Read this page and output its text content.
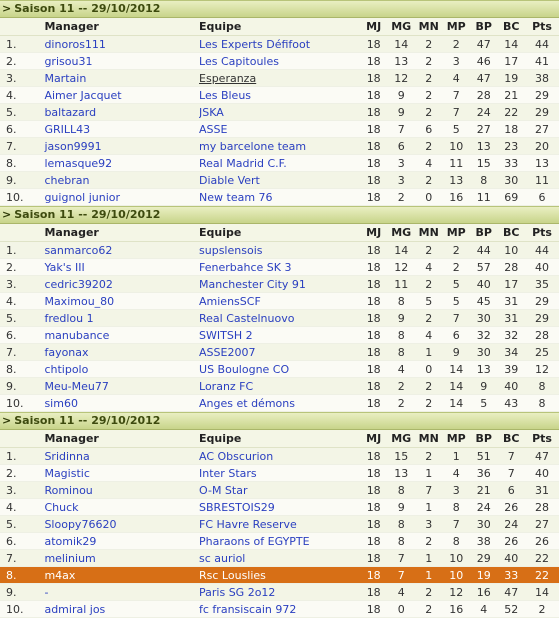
> Saison 11 -- 29/10/2012
	Manager	Equipe	MJ	MG	MN	MP	BP	BC	Pts
1.	dinoros111	Les Experts Défifoot	18	14	2	2	47	14	44
2.	grisou31	Les Capitoules	18	13	2	3	46	17	41
3.	Martain	Esperanza	18	12	2	4	47	19	38
4.	Aimer Jacquet	Les Bleus	18	9	2	7	28	21	29
5.	baltazard	JSKA	18	9	2	7	24	22	29
6.	GRILL43	ASSE	18	7	6	5	27	18	27
7.	jason9991	my barcelone team	18	6	2	10	13	23	20
8.	lemasque92	Real Madrid C.F.	18	3	4	11	15	33	13
9.	chebran	Diable Vert	18	3	2	13	8	30	11
10.	guignol junior	New team 76	18	2	0	16	11	69	6
> Saison 11 -- 29/10/2012
	Manager	Equipe	MJ	MG	MN	MP	BP	BC	Pts
1.	sanmarco62	supslensois	18	14	2	2	44	10	44
2.	Yak's III	Fenerbahce SK 3	18	12	4	2	57	28	40
3.	cedric39202	Manchester City 91	18	11	2	5	40	17	35
4.	Maximou_80	AmiensSCF	18	8	5	5	45	31	29
5.	fredlou 1	Real Castelnuovo	18	9	2	7	30	31	29
6.	manubance	SWITSH 2	18	8	4	6	32	32	28
7.	fayonax	ASSE2007	18	8	1	9	30	34	25
8.	chtipolo	US Boulogne CO	18	4	0	14	13	39	12
9.	Meu-Meu77	Loranz FC	18	2	2	14	9	40	8
10.	sim60	Anges et démons	18	2	2	14	5	43	8
> Saison 11 -- 29/10/2012
	Manager	Equipe	MJ	MG	MN	MP	BP	BC	Pts
1.	Sridinna	AC Obscurion	18	15	2	1	51	7	47
2.	Magistic	Inter Stars	18	13	1	4	36	7	40
3.	Rominou	O-M Star	18	8	7	3	21	6	31
4.	Chuck	SBRESTOIS29	18	9	1	8	24	26	28
5.	Sloopy76620	FC Havre Reserve	18	8	3	7	30	24	27
6.	atomik29	Pharaons of EGYPTE	18	8	2	8	38	26	26
7.	melinium	sc auriol	18	7	1	10	29	40	22
8.	m4ax	Rsc Louslies	18	7	1	10	19	33	22
9.	-	Paris SG 2o12	18	4	2	12	16	47	14
10.	admiral jos	fc fransiscain 972	18	0	2	16	4	52	2
